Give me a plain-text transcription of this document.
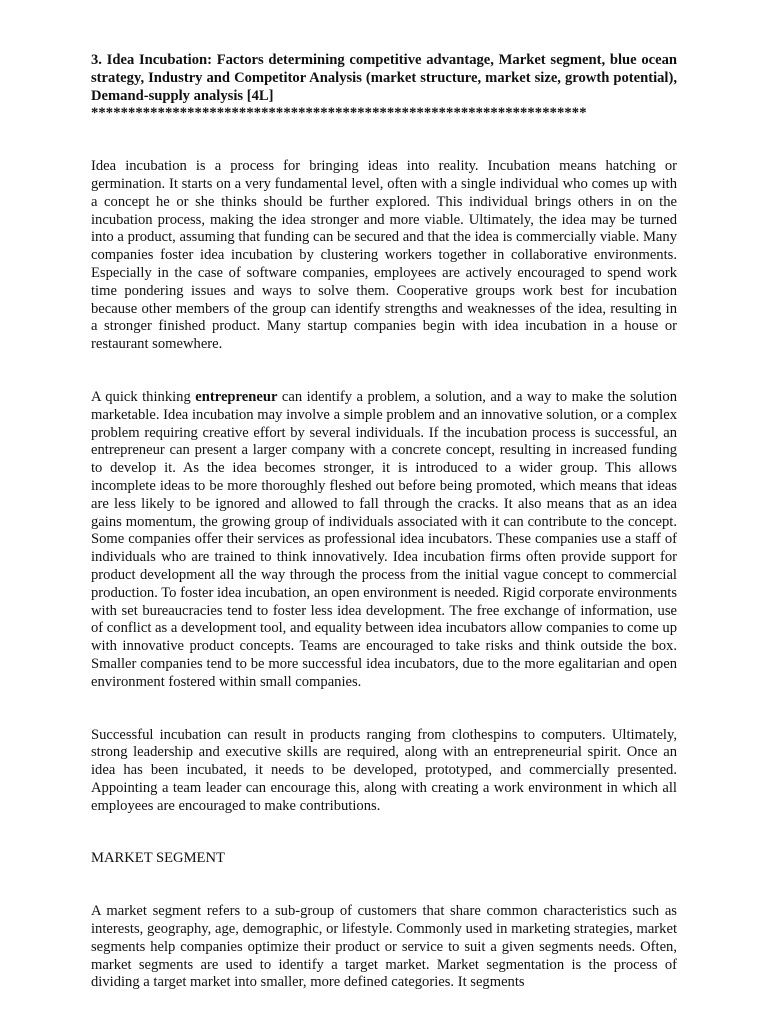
3. Idea Incubation: Factors determining competitive advantage, Market segment, blue ocean strategy, Industry and Competitor Analysis (market structure, market size, growth potential), Demand-supply analysis [4L]

*******************************************************************

Idea incubation is a process for bringing ideas into reality. Incubation means hatching or germination. It starts on a very fundamental level, often with a single individual who comes up with a concept he or she thinks should be further explored. This individual brings others in on the incubation process, making the idea stronger and more viable. Ultimately, the idea may be turned into a product, assuming that funding can be secured and that the idea is commercially viable. Many companies foster idea incubation by clustering workers together in collaborative environments. Especially in the case of software companies, employees are actively encouraged to spend work time pondering issues and ways to solve them. Cooperative groups work best for incubation because other members of the group can identify strengths and weaknesses of the idea, resulting in a stronger finished product. Many startup companies begin with idea incubation in a house or restaurant somewhere.

A quick thinking entrepreneur can identify a problem, a solution, and a way to make the solution marketable. Idea incubation may involve a simple problem and an innovative solution, or a complex problem requiring creative effort by several individuals. If the incubation process is successful, an entrepreneur can present a larger company with a concrete concept, resulting in increased funding to develop it. As the idea becomes stronger, it is introduced to a wider group. This allows incomplete ideas to be more thoroughly fleshed out before being promoted, which means that ideas are less likely to be ignored and allowed to fall through the cracks. It also means that as an idea gains momentum, the growing group of individuals associated with it can contribute to the concept. Some companies offer their services as professional idea incubators. These companies use a staff of individuals who are trained to think innovatively. Idea incubation firms often provide support for product development all the way through the process from the initial vague concept to commercial production. To foster idea incubation, an open environment is needed. Rigid corporate environments with set bureaucracies tend to foster less idea development. The free exchange of information, use of conflict as a development tool, and equality between idea incubators allow companies to come up with innovative product concepts. Teams are encouraged to take risks and think outside the box. Smaller companies tend to be more successful idea incubators, due to the more egalitarian and open environment fostered within small companies.

Successful incubation can result in products ranging from clothespins to computers. Ultimately, strong leadership and executive skills are required, along with an entrepreneurial spirit. Once an idea has been incubated, it needs to be developed, prototyped, and commercially presented. Appointing a team leader can encourage this, along with creating a work environment in which all employees are encouraged to make contributions.

MARKET SEGMENT

A market segment refers to a sub-group of customers that share common characteristics such as interests, geography, age, demographic, or lifestyle. Commonly used in marketing strategies, market segments help companies optimize their product or service to suit a given segments needs. Often, market segments are used to identify a target market. Market segmentation is the process of dividing a target market into smaller, more defined categories. It segments
